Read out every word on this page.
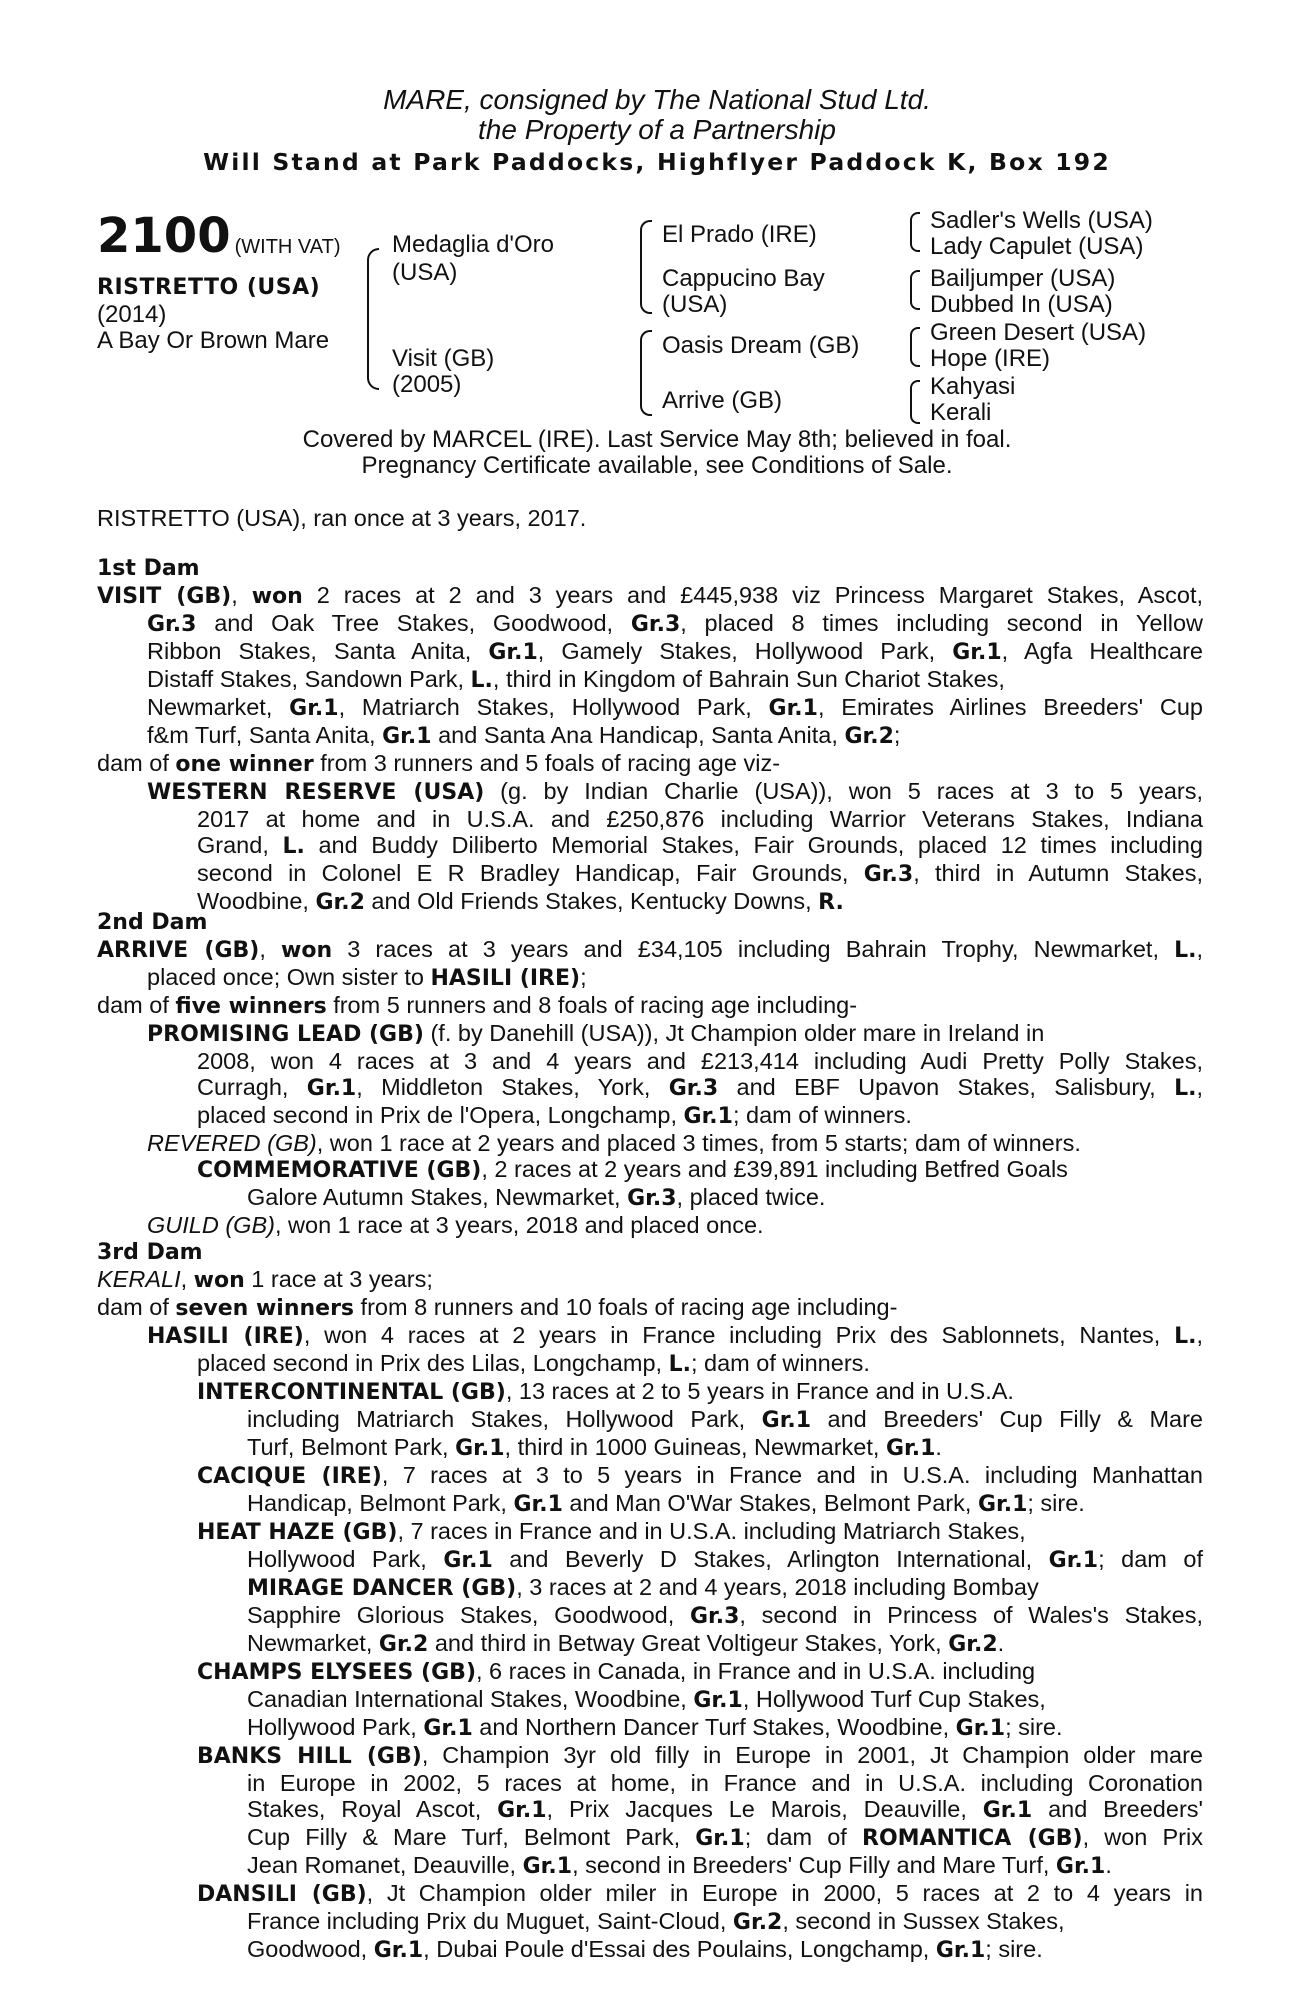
MARE, consigned by The National Stud Ltd.
the Property of a Partnership
Will Stand at Park Paddocks, Highflyer Paddock K, Box 192
2100 (WITH VAT)
RISTRETTO (USA)
(2014)
A Bay Or Brown Mare
Medaglia d'Oro
(USA)
Visit (GB)
(2005)
El Prado (IRE)
Cappucino Bay
(USA)
Oasis Dream (GB)
Arrive (GB)
Sadler's Wells (USA)
Lady Capulet (USA)
Bailjumper (USA)
Dubbed In (USA)
Green Desert (USA)
Hope (IRE)
Kahyasi
Kerali
Covered by MARCEL (IRE). Last Service May 8th; believed in foal.
Pregnancy Certificate available, see Conditions of Sale.
RISTRETTO (USA), ran once at 3 years, 2017.
1st Dam
VISIT (GB), won 2 races at 2 and 3 years and £445,938 viz Princess Margaret Stakes, Ascot,
Gr.3 and Oak Tree Stakes, Goodwood, Gr.3, placed 8 times including second in Yellow
Ribbon Stakes, Santa Anita, Gr.1, Gamely Stakes, Hollywood Park, Gr.1, Agfa Healthcare
Distaff Stakes, Sandown Park, L., third in Kingdom of Bahrain Sun Chariot Stakes,
Newmarket, Gr.1, Matriarch Stakes, Hollywood Park, Gr.1, Emirates Airlines Breeders' Cup
f&m Turf, Santa Anita, Gr.1 and Santa Ana Handicap, Santa Anita, Gr.2;
dam of one winner from 3 runners and 5 foals of racing age viz-
WESTERN RESERVE (USA) (g. by Indian Charlie (USA)), won 5 races at 3 to 5 years,
2017 at home and in U.S.A. and £250,876 including Warrior Veterans Stakes, Indiana
Grand, L. and Buddy Diliberto Memorial Stakes, Fair Grounds, placed 12 times including
second in Colonel E R Bradley Handicap, Fair Grounds, Gr.3, third in Autumn Stakes,
Woodbine, Gr.2 and Old Friends Stakes, Kentucky Downs, R.
2nd Dam
ARRIVE (GB), won 3 races at 3 years and £34,105 including Bahrain Trophy, Newmarket, L.,
placed once; Own sister to HASILI (IRE);
dam of five winners from 5 runners and 8 foals of racing age including-
PROMISING LEAD (GB) (f. by Danehill (USA)), Jt Champion older mare in Ireland in
2008, won 4 races at 3 and 4 years and £213,414 including Audi Pretty Polly Stakes,
Curragh, Gr.1, Middleton Stakes, York, Gr.3 and EBF Upavon Stakes, Salisbury, L.,
placed second in Prix de l'Opera, Longchamp, Gr.1; dam of winners.
REVERED (GB), won 1 race at 2 years and placed 3 times, from 5 starts; dam of winners.
COMMEMORATIVE (GB), 2 races at 2 years and £39,891 including Betfred Goals
Galore Autumn Stakes, Newmarket, Gr.3, placed twice.
GUILD (GB), won 1 race at 3 years, 2018 and placed once.
3rd Dam
KERALI, won 1 race at 3 years;
dam of seven winners from 8 runners and 10 foals of racing age including-
HASILI (IRE), won 4 races at 2 years in France including Prix des Sablonnets, Nantes, L.,
placed second in Prix des Lilas, Longchamp, L.; dam of winners.
INTERCONTINENTAL (GB), 13 races at 2 to 5 years in France and in U.S.A.
including Matriarch Stakes, Hollywood Park, Gr.1 and Breeders' Cup Filly & Mare
Turf, Belmont Park, Gr.1, third in 1000 Guineas, Newmarket, Gr.1.
CACIQUE (IRE), 7 races at 3 to 5 years in France and in U.S.A. including Manhattan
Handicap, Belmont Park, Gr.1 and Man O'War Stakes, Belmont Park, Gr.1; sire.
HEAT HAZE (GB), 7 races in France and in U.S.A. including Matriarch Stakes,
Hollywood Park, Gr.1 and Beverly D Stakes, Arlington International, Gr.1; dam of
MIRAGE DANCER (GB), 3 races at 2 and 4 years, 2018 including Bombay
Sapphire Glorious Stakes, Goodwood, Gr.3, second in Princess of Wales's Stakes,
Newmarket, Gr.2 and third in Betway Great Voltigeur Stakes, York, Gr.2.
CHAMPS ELYSEES (GB), 6 races in Canada, in France and in U.S.A. including
Canadian International Stakes, Woodbine, Gr.1, Hollywood Turf Cup Stakes,
Hollywood Park, Gr.1 and Northern Dancer Turf Stakes, Woodbine, Gr.1; sire.
BANKS HILL (GB), Champion 3yr old filly in Europe in 2001, Jt Champion older mare
in Europe in 2002, 5 races at home, in France and in U.S.A. including Coronation
Stakes, Royal Ascot, Gr.1, Prix Jacques Le Marois, Deauville, Gr.1 and Breeders'
Cup Filly & Mare Turf, Belmont Park, Gr.1; dam of ROMANTICA (GB), won Prix
Jean Romanet, Deauville, Gr.1, second in Breeders' Cup Filly and Mare Turf, Gr.1.
DANSILI (GB), Jt Champion older miler in Europe in 2000, 5 races at 2 to 4 years in
France including Prix du Muguet, Saint-Cloud, Gr.2, second in Sussex Stakes,
Goodwood, Gr.1, Dubai Poule d'Essai des Poulains, Longchamp, Gr.1; sire.
